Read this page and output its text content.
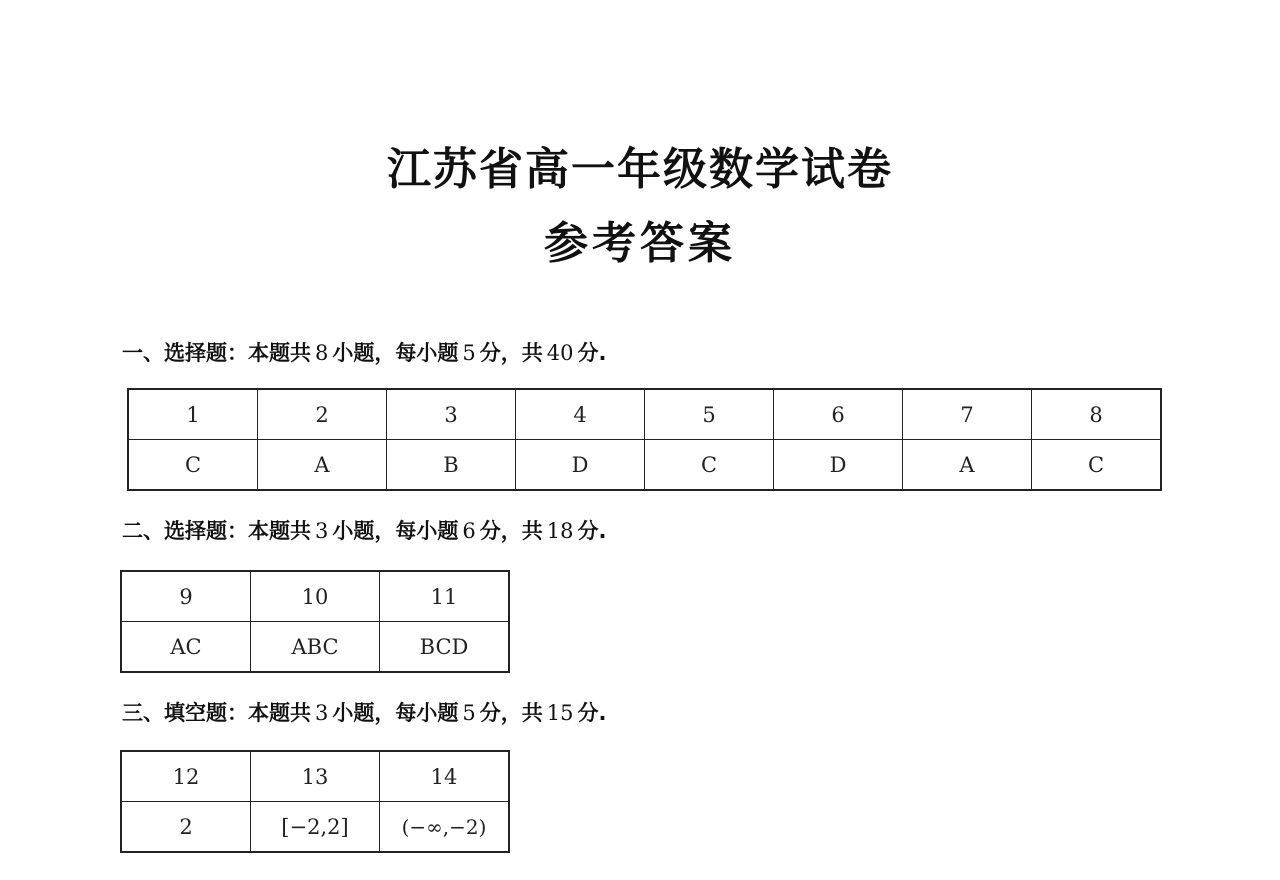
江苏省高一年级数学试卷
参考答案

一、选择题：本题共 8 小题，每小题 5 分，共 40 分.

1	2	3	4	5	6	7	8
C	A	B	D	C	D	A	C

二、选择题：本题共 3 小题，每小题 6 分，共 18 分.

9	10	11
AC	ABC	BCD

三、填空题：本题共 3 小题，每小题 5 分，共 15 分.

12	13	14
2	[−2,2]	(−∞,−2)
